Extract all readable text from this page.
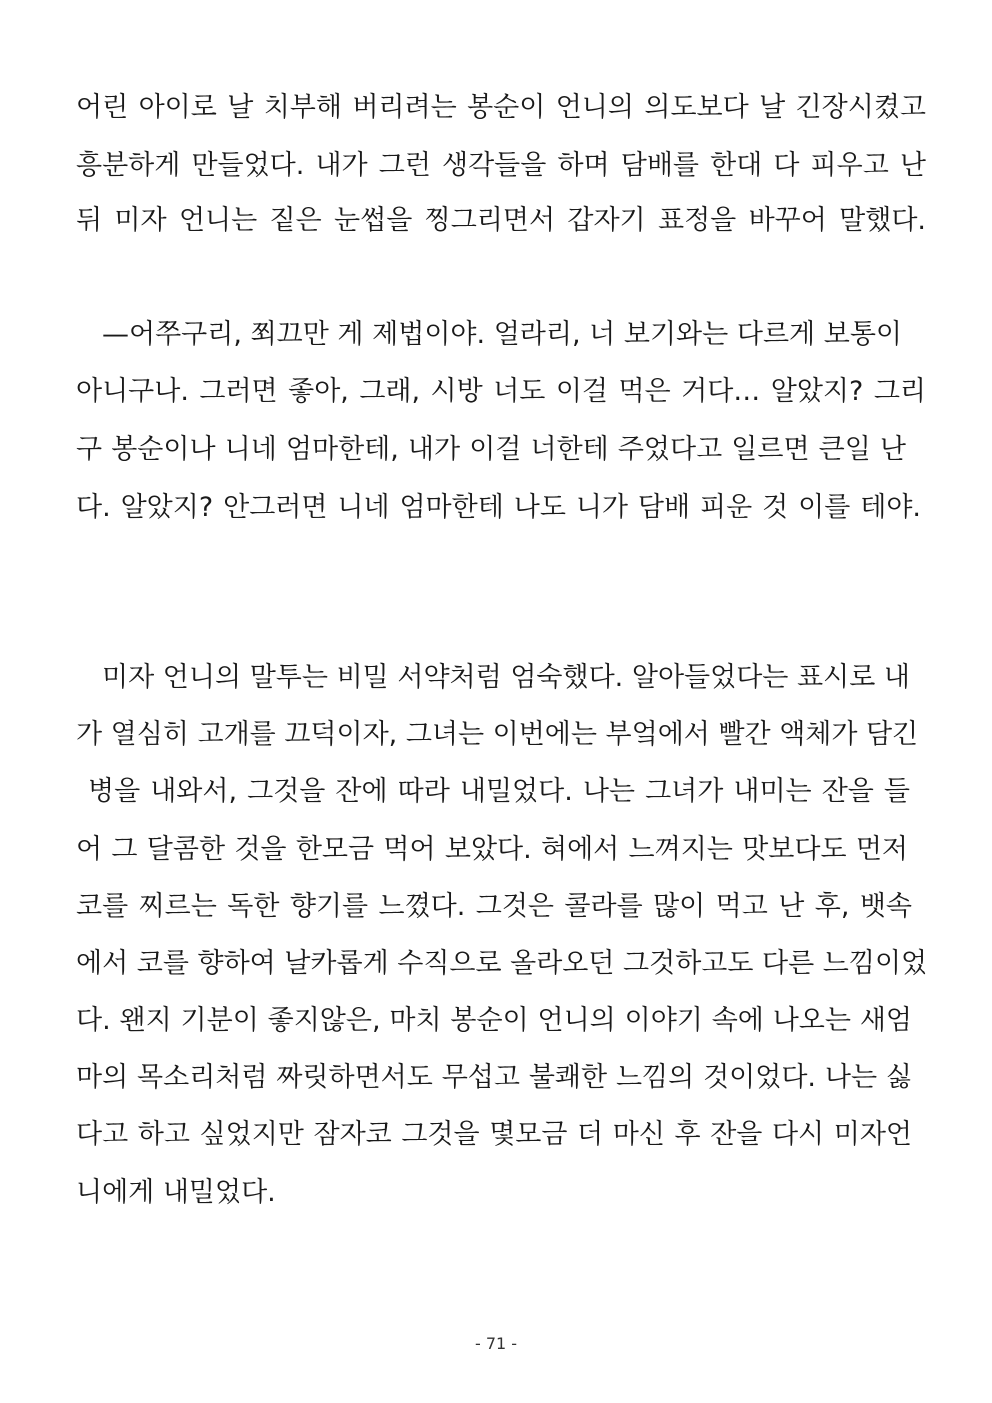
어린 아이로 날 치부해 버리려는 봉순이 언니의 의도보다 날 긴장시켰고
흥분하게 만들었다. 내가 그런 생각들을 하며 담배를 한대 다 피우고 난
뒤 미자 언니는 짙은 눈썹을 찡그리면서 갑자기 표정을 바꾸어 말했다.
—어쭈구리, 쬐끄만 게 제법이야. 얼라리, 너 보기와는 다르게 보통이
아니구나. 그러면 좋아, 그래, 시방 너도 이걸 먹은 거다… 알았지? 그리
구 봉순이나 니네 엄마한테, 내가 이걸 너한테 주었다고 일르면 큰일 난
다. 알았지? 안그러면 니네 엄마한테 나도 니가 담배 피운 것 이를 테야.
미자 언니의 말투는 비밀 서약처럼 엄숙했다. 알아들었다는 표시로 내
가 열심히 고개를 끄덕이자, 그녀는 이번에는 부엌에서 빨간 액체가 담긴
병을 내와서, 그것을 잔에 따라 내밀었다. 나는 그녀가 내미는 잔을 들
어 그 달콤한 것을 한모금 먹어 보았다. 혀에서 느껴지는 맛보다도 먼저
코를 찌르는 독한 향기를 느꼈다. 그것은 콜라를 많이 먹고 난 후, 뱃속
에서 코를 향하여 날카롭게 수직으로 올라오던 그것하고도 다른 느낌이었
다. 왠지 기분이 좋지않은, 마치 봉순이 언니의 이야기 속에 나오는 새엄
마의 목소리처럼 짜릿하면서도 무섭고 불쾌한 느낌의 것이었다. 나는 싫
다고 하고 싶었지만 잠자코 그것을 몇모금 더 마신 후 잔을 다시 미자언
니에게 내밀었다.
- 71 -
